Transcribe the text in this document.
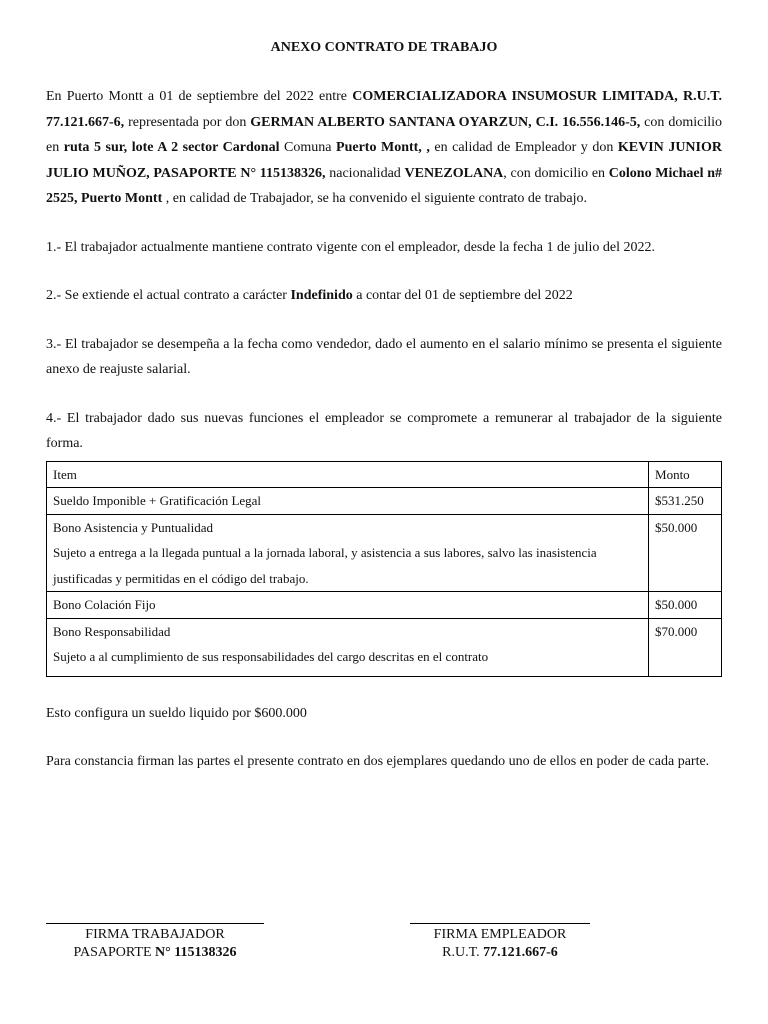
ANEXO CONTRATO DE TRABAJO

En Puerto Montt a 01 de septiembre del 2022 entre COMERCIALIZADORA INSUMOSUR LIMITADA, R.U.T. 77.121.667-6, representada por don GERMAN ALBERTO SANTANA OYARZUN, C.I. 16.556.146-5, con domicilio en ruta 5 sur, lote A 2 sector Cardonal Comuna Puerto Montt, , en calidad de Empleador y don KEVIN JUNIOR JULIO MUÑOZ, PASAPORTE N° 115138326, nacionalidad VENEZOLANA, con domicilio en Colono Michael n# 2525, Puerto Montt , en calidad de Trabajador, se ha convenido el siguiente contrato de trabajo.

1.- El trabajador actualmente mantiene contrato vigente con el empleador, desde la fecha 1 de julio del 2022.

2.- Se extiende el actual contrato a carácter Indefinido a contar del 01 de septiembre del 2022

3.- El trabajador se desempeña a la fecha como vendedor, dado el aumento en el salario mínimo se presenta el siguiente anexo de reajuste salarial.

4.- El trabajador dado sus nuevas funciones el empleador se compromete a remunerar al trabajador de la siguiente forma.

Item	Monto

Sueldo Imponible + Gratificación Legal	$531.250

Bono Asistencia y Puntualidad
Sujeto a entrega a la llegada puntual a la jornada laboral, y asistencia a sus labores, salvo las inasistencia justificadas y permitidas en el código del trabajo.	$50.000

Bono Colación Fijo	$50.000

Bono Responsabilidad
Sujeto a al cumplimiento de sus responsabilidades del cargo descritas en el contrato	$70.000

Esto configura un sueldo liquido por $600.000

Para constancia firman las partes el presente contrato en dos ejemplares quedando uno de ellos en poder de cada parte.

FIRMA TRABAJADOR
PASAPORTE N° 115138326
FIRMA EMPLEADOR
R.U.T. 77.121.667-6
